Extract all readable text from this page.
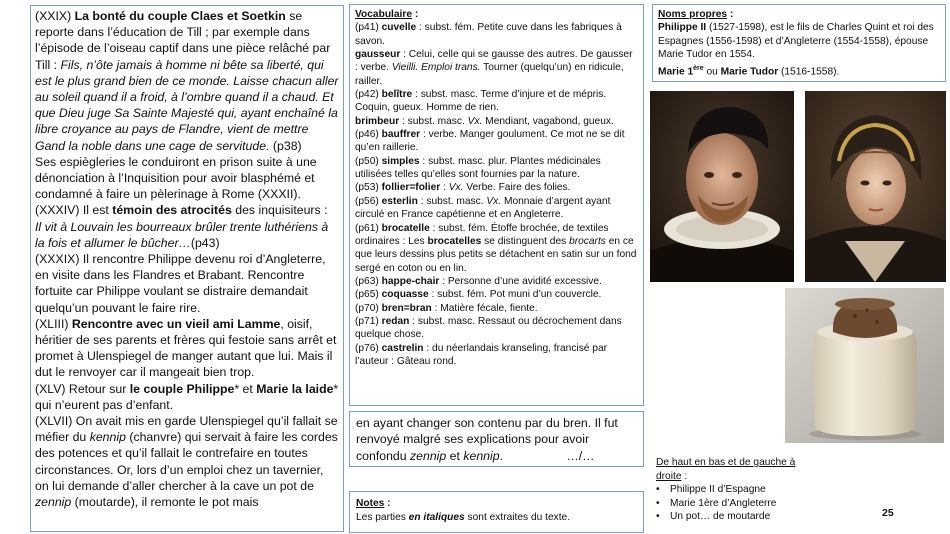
(XXIX) La bonté du couple Claes et Soetkin se reporte dans l’éducation de Till ; par exemple dans l’épisode de l’oiseau captif dans une pièce relâché par Till : Fils, n’ôte jamais à homme ni bête sa liberté, qui est le plus grand bien de ce monde. Laisse chacun aller au soleil quand il a froid, à l’ombre quand il a chaud. Et que Dieu juge Sa Sainte Majesté qui, ayant enchaîné la libre croyance au pays de Flandre, vient de mettre Gand la noble dans une cage de servitude. (p38)

Ses espiègleries le conduiront en prison suite à une dénonciation à l’Inquisition pour avoir blasphémé et condamné à faire un pèlerinage à Rome (XXXII).

(XXXIV) Il est témoin des atrocités des inquisiteurs :
Il vit à Louvain les bourreaux brûler trente luthériens à la fois et allumer le bûcher…(p43)

(XXXIX) Il rencontre Philippe devenu roi d’Angleterre, en visite dans les Flandres et Brabant. Rencontre fortuite car Philippe voulant se distraire demandait quelqu’un pouvant le faire rire.

(XLIII) Rencontre avec un vieil ami Lamme, oisif, héritier de ses parents et frères qui festoie sans arrêt et promet à Ulenspiegel de manger autant que lui. Mais il dut le renvoyer car il mangeait bien trop.

(XLV) Retour sur le couple Philippe* et Marie la laide* qui n’eurent pas d’enfant.

(XLVII) On avait mis en garde Ulenspiegel qu’il fallait se méfier du kennip (chanvre) qui servait à faire les cordes des potences et qu’il fallait le contrefaire en toutes circonstances. Or, lors d’un emploi chez un tavernier, on lui demande d’aller chercher à la cave un pot de zennip (moutarde), il remonte le pot mais

Vocabulaire :

(p41) cuvelle : subst. fém. Petite cuve dans les fabriques à savon.

gausseur : Celui, celle qui se gausse des autres. De gausser : verbe. Vieilli. Emploi trans. Tourner (quelqu’un) en ridicule, railler.

(p42) belître : subst. masc. Terme d’injure et de mépris. Coquin, gueux. Homme de rien.

brimbeur : subst. masc. Vx. Mendiant, vagabond, gueux.

(p46) bauffrer : verbe. Manger goulument. Ce mot ne se dit qu’en raillerie.

(p50) simples : subst. masc. plur. Plantes médicinales utilisées telles qu’elles sont fournies par la nature.

(p53) follier=folier : Vx. Verbe. Faire des folies.

(p56) esterlin : subst. masc. Vx. Monnaie d’argent ayant circulé en France capétienne et en Angleterre.

(p61) brocatelle : subst. fém. Étoffe brochée, de textiles ordinaires : Les brocatelles se distinguent des brocarts en ce que leurs dessins plus petits se détachent en satin sur un fond sergé en coton ou en lin.

(p63) happe-chair : Personne d’une avidité excessive.

(p65) coquasse : subst. fém. Pot muni d’un couvercle.

(p70) bren=bran : Matière fécale, fiente.

(p71) redan : subst. masc. Ressaut ou décrochement dans quelque chose.

(p76) castrelin : du néerlandais kranseling, francisé par l’auteur : Gâteau rond.

en ayant changer son contenu par du bren. Il fut renvoyé malgré ses explications pour avoir confondu zennip et kennip.	…/…
Notes :
Les parties en italiques sont extraites du texte.

Noms propres :

Philippe II (1527-1598), est le fils de Charles Quint et roi des Espagnes (1556-1598) et d’Angleterre (1554-1558), épouse Marie Tudor en 1554.

Marie 1ère ou Marie Tudor (1516-1558).

De haut en bas et de gauche à droite :
• Philippe II d’Espagne
• Marie 1ère d’Angleterre
• Un pot… de moutarde	25
